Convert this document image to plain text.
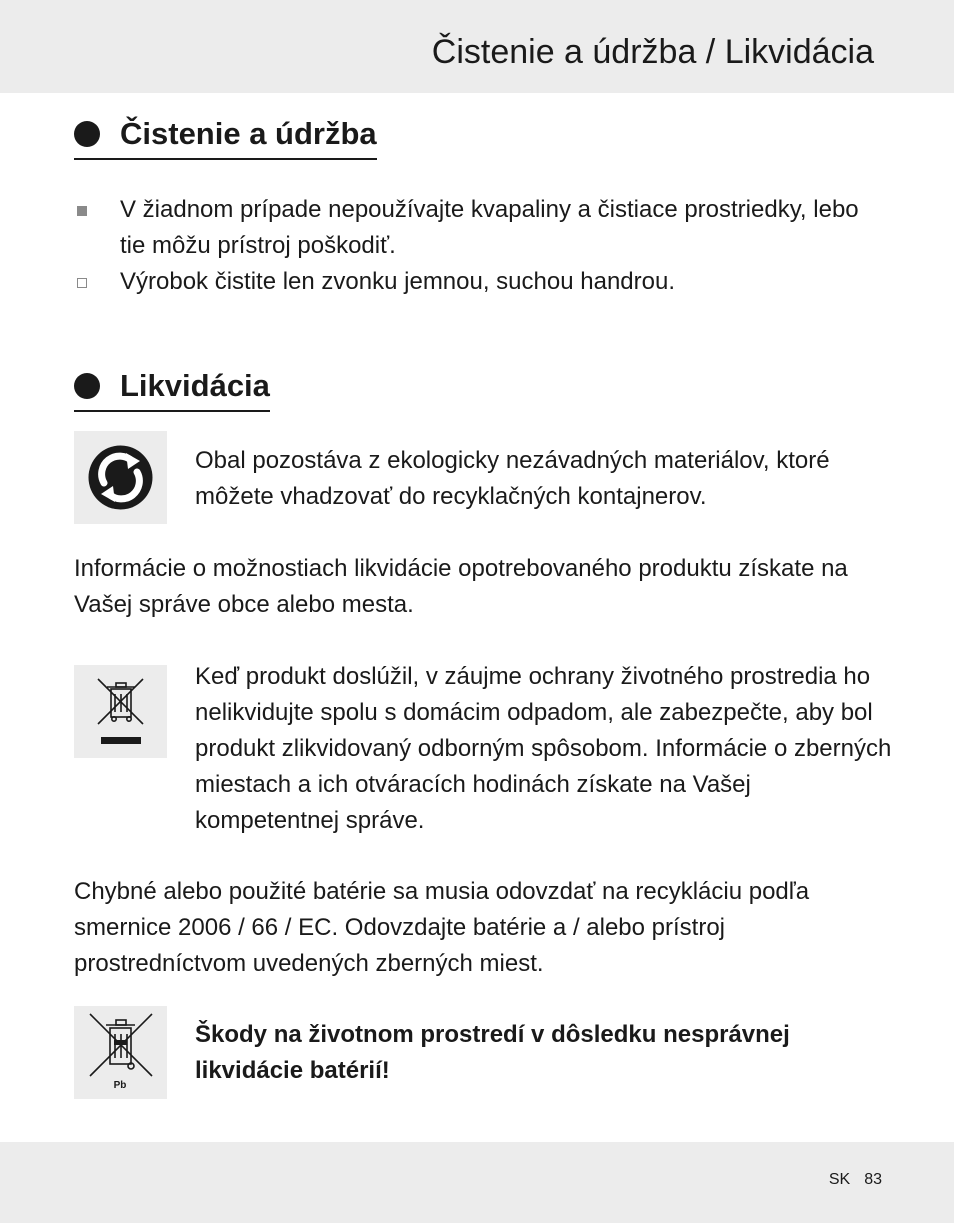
Čistenie a údržba / Likvidácia
Čistenie a údržba
V žiadnom prípade nepoužívajte kvapaliny a čistiace prostriedky, lebo tie môžu prístroj poškodiť.
Výrobok čistite len zvonku jemnou, suchou handrou.
Likvidácia

Obal pozostáva z ekologicky nezávadných materiálov, ktoré môžete vhadzovať do recyklačných kontajnerov.

Informácie o možnostiach likvidácie opotrebovaného produktu získate na Vašej správe obce alebo mesta.

Keď produkt doslúžil, v záujme ochrany životného prostredia ho nelikvidujte spolu s domácim odpadom, ale zabezpečte, aby bol produkt zlikvidovaný odborným spôsobom. Informácie o zberných miestach a ich otváracích hodinách získate na Vašej kompetentnej správe.

Chybné alebo použité batérie sa musia odovzdať na recykláciu podľa smernice 2006 / 66 / EC. Odovzdajte batérie a / alebo prístroj prostredníctvom uvedených zberných miest.

Pb

Škody na životnom prostredí v dôsledku nesprávnej likvidácie batérií!

SK 83
